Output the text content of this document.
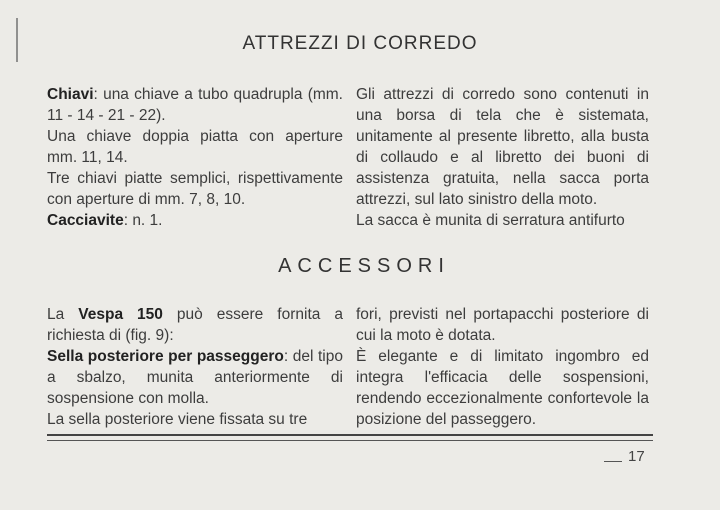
ATTREZZI DI CORREDO

Chiavi: una chiave a tubo quadrupla (mm. 11 - 14 - 21 - 22).

Una chiave doppia piatta con aperture mm. 11, 14.

Tre chiavi piatte semplici, rispettivamente con aperture di mm. 7, 8, 10.

Cacciavite: n. 1.

Gli attrezzi di corredo sono contenuti in una borsa di tela che è sistemata, unitamente al presente libretto, alla busta di collaudo e al libretto dei buoni di assistenza gratuita, nella sacca porta attrezzi, sul lato sinistro della moto.

La sacca è munita di serratura antifurto

ACCESSORI

La Vespa 150 può essere fornita a richiesta di (fig. 9):

Sella posteriore per passeggero: del tipo a sbalzo, munita anteriormente di sospensione con molla.

La sella posteriore viene fissata su tre

fori, previsti nel portapacchi posteriore di cui la moto è dotata.

È elegante e di limitato ingombro ed integra l'efficacia delle sospensioni, rendendo eccezionalmente confortevole la posizione del passeggero.

17
